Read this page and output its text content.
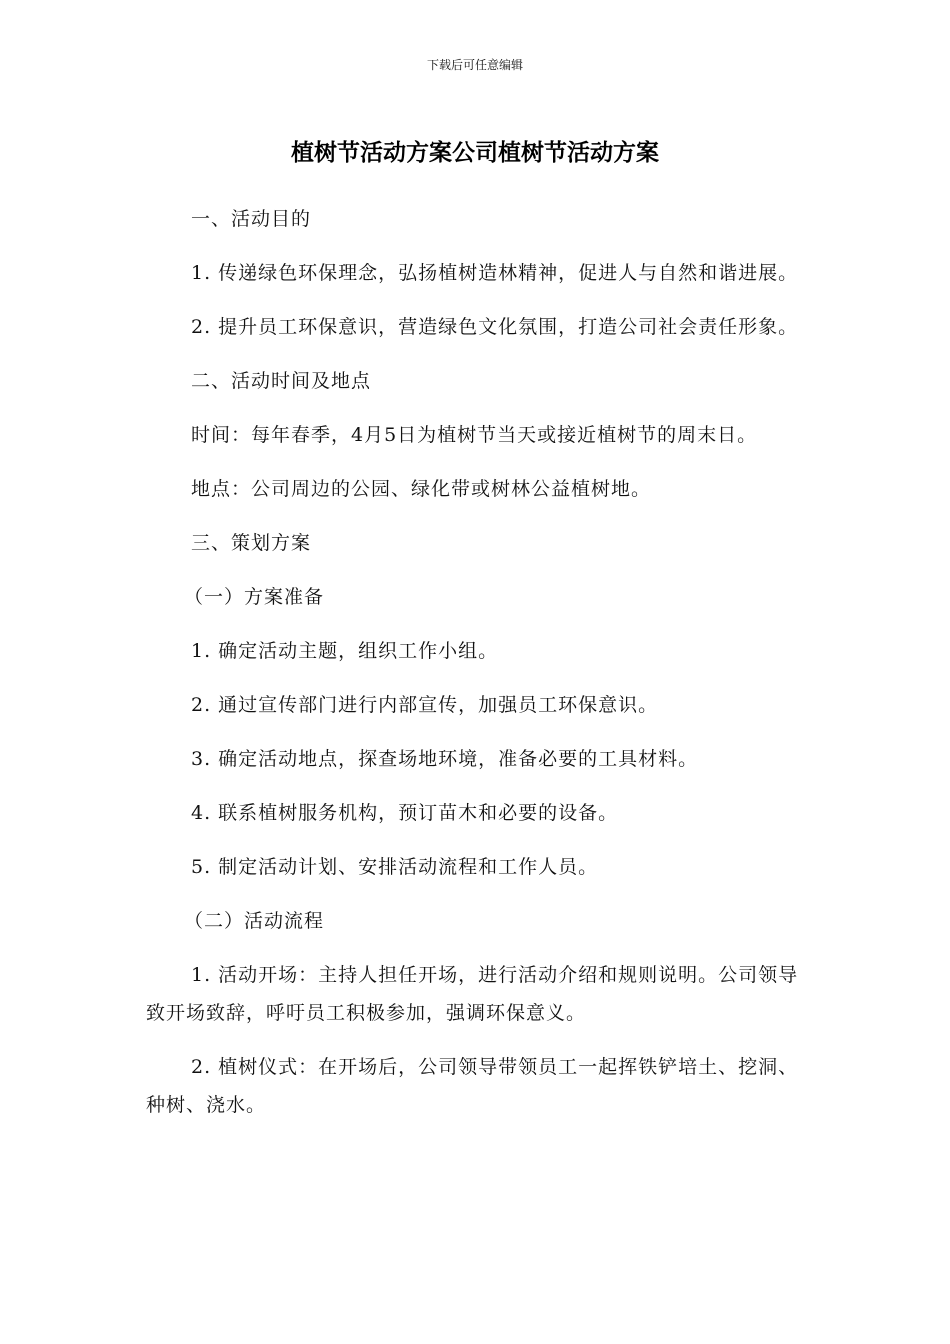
下载后可任意编辑
植树节活动方案公司植树节活动方案

一、活动目的

1. 传递绿色环保理念，弘扬植树造林精神，促进人与自然和谐进展。

2. 提升员工环保意识，营造绿色文化氛围，打造公司社会责任形象。

二、活动时间及地点

时间：每年春季，4月5日为植树节当天或接近植树节的周末日。

地点：公司周边的公园、绿化带或树林公益植树地。

三、策划方案

（一）方案准备

1. 确定活动主题，组织工作小组。

2. 通过宣传部门进行内部宣传，加强员工环保意识。

3. 确定活动地点，探查场地环境，准备必要的工具材料。

4. 联系植树服务机构，预订苗木和必要的设备。

5. 制定活动计划、安排活动流程和工作人员。

（二）活动流程

1. 活动开场：主持人担任开场，进行活动介绍和规则说明。公司领导致开场致辞，呼吁员工积极参加，强调环保意义。

2. 植树仪式：在开场后，公司领导带领员工一起挥铁铲培土、挖洞、种树、浇水。
